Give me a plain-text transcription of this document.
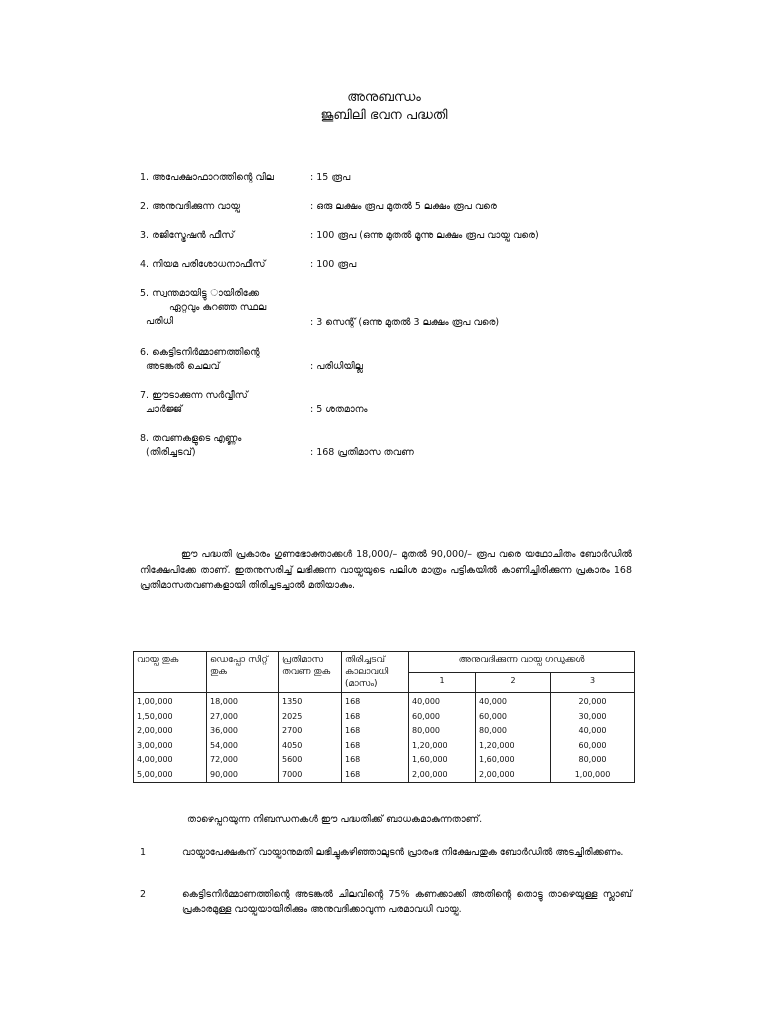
അനുബന്ധം
ജൂബിലി ഭവന പദ്ധതി
1. അപേക്ഷാഫാറത്തിന്റെ വില	: 15 രൂപ
2. അനുവദിക്കുന്ന വായ്പ	: ഒരു ലക്ഷം രൂപ മുതല്‍ 5 ലക്ഷം രൂപ വരെ
3. രജിസ്ട്രേഷന്‍ ഫീസ്	: 100 രൂപ (ഒന്നു മുതല്‍ മൂന്നു ലക്ഷം രൂപ വായ്പ വരെ)
4. നിയമ പരിശോധനാഫീസ്	: 100 രൂപ
5. സ്വന്തമായിട്ടു ായിരിക്കേ
ഏറ്റവും കുറഞ്ഞ സ്ഥല
പരിധി	: 3 സെന്റ് (ഒന്നു മുതല്‍ 3 ലക്ഷം രൂപ വരെ)
6. കെട്ടിടനിര്‍മ്മാണത്തിന്റെ
അടങ്കല്‍ ചെലവ്	: പരിധിയില്ല
7. ഈടാക്കുന്ന സര്‍വ്വീസ്
ചാര്‍ജ്ജ്	: 5 ശതമാനം
8. തവണകളുടെ എണ്ണം
(തിരിച്ചടവ്)	: 168 പ്രതിമാസ തവണ
ഈ പദ്ധതി പ്രകാരം ഗുണഭോക്താക്കള്‍ 18,000/– മുതല്‍ 90,000/– രൂപ വരെ യഥോചിതം ബോര്‍ഡില്‍ നിക്ഷേപിക്കേ താണ്. ഇതനുസരിച്ച് ലഭിക്കുന്ന വായ്പയുടെ പലിശ മാത്രം പട്ടികയില്‍ കാണിച്ചിരിക്കുന്ന പ്രകാരം 168 പ്രതിമാസതവണകളായി തിരിച്ചടച്ചാല്‍ മതിയാകും.
വായ്പ തുക	ഡെപ്പോ സിറ്റ് തുക	പ്രതിമാസ തവണ തുക	തിരിച്ചടവ് കാലാവധി (മാസം)	അനുവദിക്കുന്ന വായ്പ ഗഡുക്കള്‍		
				1	2	3
1,00,000	18,000	1350	168	40,000	40,000	20,000
1,50,000	27,000	2025	168	60,000	60,000	30,000
2,00,000	36,000	2700	168	80,000	80,000	40,000
3,00,000	54,000	4050	168	1,20,000	1,20,000	60,000
4,00,000	72,000	5600	168	1,60,000	1,60,000	80,000
5,00,000	90,000	7000	168	2,00,000	2,00,000	1,00,000
താഴെപ്പറയുന്ന നിബന്ധനകള്‍ ഈ പദ്ധതിക്ക് ബാധകമാകുന്നതാണ്.
1	വായ്പാപേക്ഷകന് വായ്പാനുമതി ലഭിച്ചുകഴിഞ്ഞാലുടന്‍ പ്രാരംഭ നിക്ഷേപതുക ബോര്‍ഡില്‍ അടച്ചിരിക്കണം.
2	കെട്ടിടനിര്‍മ്മാണത്തിന്റെ അടങ്കല്‍ ചിലവിന്റെ 75% കണക്കാക്കി അതിന്റെ തൊട്ടു താഴെയുള്ള സ്ലാബ് പ്രകാരമുള്ള വായ്പയായിരിക്കും അനുവദിക്കാവുന്ന പരമാവധി വായ്പ.
